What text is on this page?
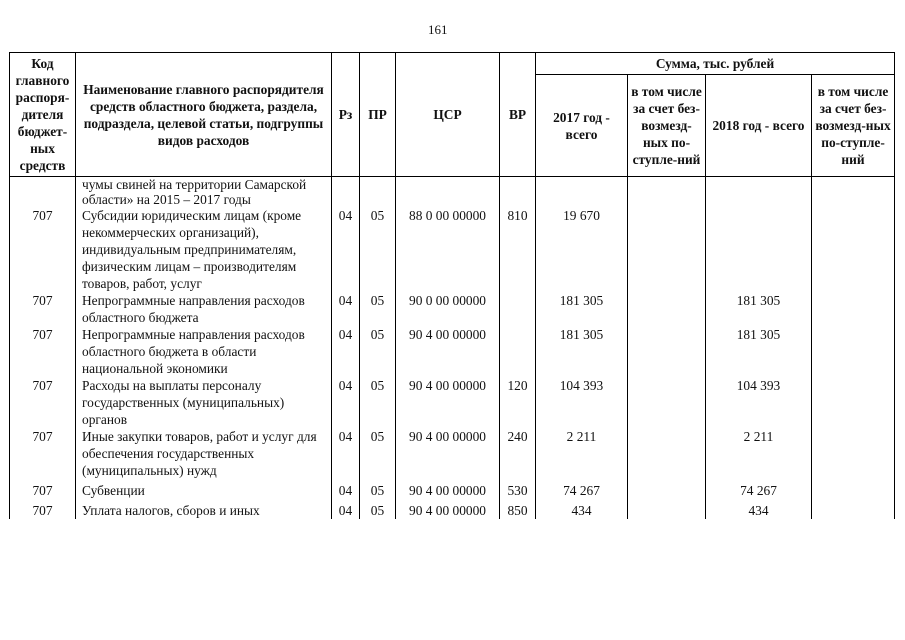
161
Код главного распоря-дителя бюджет-ных средств	Наименование главного распорядителя средств областного бюджета, раздела, подраздела, целевой статьи, подгруппы видов расходов	Рз	ПР	ЦСР	ВР	Сумма, тыс. рублей			
						2017 год - всего	в том числе за счет без-возмезд-ных по-ступле-ний	2018 год - всего	в том числе за счет без-возмезд-ных по-ступле-ний
	чумы свиней на территории Самарской области» на 2015 – 2017 годы								
707	Субсидии юридическим лицам (кроме некоммерческих организаций), индивидуальным предпринимателям, физическим лицам – производителям товаров, работ, услуг	04	05	88 0 00 00000	810	19 670			
707	Непрограммные направления расходов областного бюджета	04	05	90 0 00 00000		181 305		181 305	
707	Непрограммные направления расходов областного бюджета в области национальной экономики	04	05	90 4 00 00000		181 305		181 305	
707	Расходы на выплаты персоналу государственных (муниципальных) органов	04	05	90 4 00 00000	120	104 393		104 393	
707	Иные закупки товаров, работ и услуг для обеспечения государственных (муниципальных) нужд	04	05	90 4 00 00000	240	2 211		2 211	
707	Субвенции	04	05	90 4 00 00000	530	74 267		74 267	
707	Уплата налогов, сборов и иных	04	05	90 4 00 00000	850	434		434	
